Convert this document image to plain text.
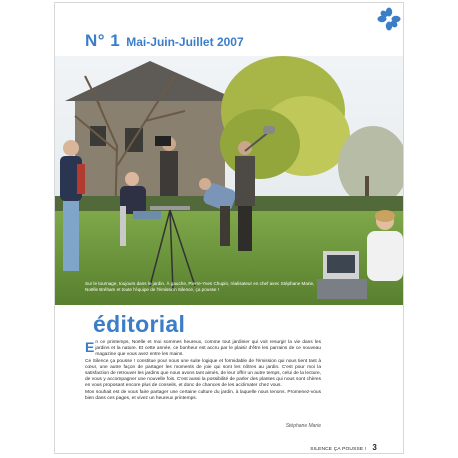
N° 1 Mai-Juin-Juillet 2007
Sur le tournage, toujours dans le jardin. À gauche, Pierre-Yves Chupin, réalisateur en chef avec Stéphane Marie, Noëlle Bréham et toute l'équipe de l'émission Silence, ça pousse !
éditorial

En ce printemps, Noëlle et moi sommes heureux, comme tout jardinier qui voit resurgir la vie dans les jardins et la nature. Et cette année, ce bonheur est accru par le plaisir d'être les parrains de ce nouveau magazine que vous avez entre les mains.

Ce Silence ça pousse ! constitue pour nous une suite logique et formidable de l'émission qui nous tient tant à cœur, une autre façon de partager les moments de joie qui sont les nôtres au jardin. C'est pour moi la satisfaction de retrouver les jardins que nous avons tant aimés, de leur offrir un autre temps, celui de la lecture, de vous y accompagner une nouvelle fois. C'est aussi la possibilité de parler des plantes qui nous sont chères en vous proposant encore plus de conseils, et donc de chances de les acclimater chez vous.

Mon souhait est de vous faire partager une certaine culture du jardin, à laquelle nous tenons. Promenez-vous bien dans ces pages, et vivez un heureux printemps.

Stéphane Marie
SILENCE ÇA POUSSE ! 3
